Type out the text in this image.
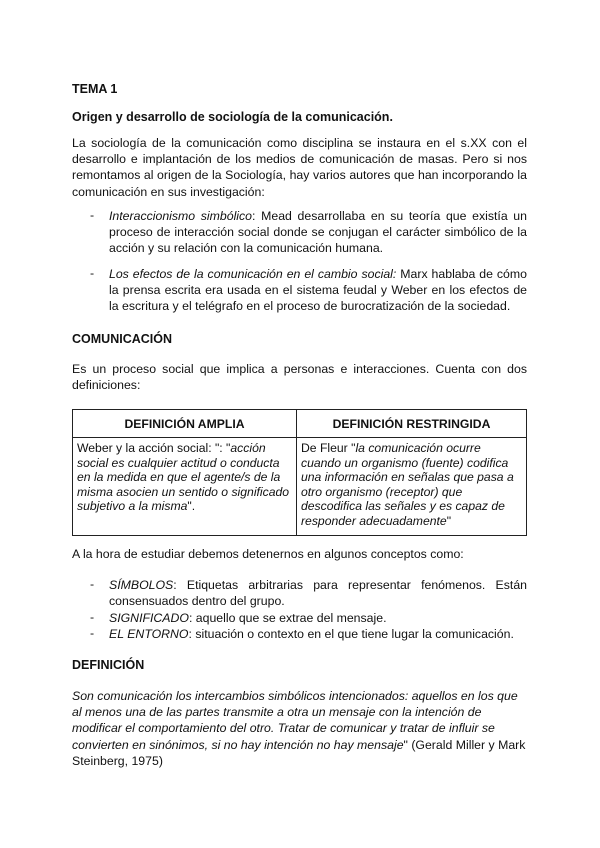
TEMA 1
Origen y desarrollo de sociología de la comunicación.
La sociología de la comunicación como disciplina se instaura en el s.XX con el desarrollo e implantación de los medios de comunicación de masas. Pero si nos remontamos al origen de la Sociología, hay varios autores que han incorporando la comunicación en sus investigación:
- Interaccionismo simbólico: Mead desarrollaba en su teoría que existía un proceso de interacción social donde se conjugan el carácter simbólico de la acción y su relación con la comunicación humana.
- Los efectos de la comunicación en el cambio social: Marx hablaba de cómo la prensa escrita era usada en el sistema feudal y Weber en los efectos de la escritura y el telégrafo en el proceso de burocratización de la sociedad.
COMUNICACIÓN
Es un proceso social que implica a personas e interacciones. Cuenta con dos definiciones:
DEFINICIÓN AMPLIA	DEFINICIÓN RESTRINGIDA
Weber y la acción social: ": "acción social es cualquier actitud o conducta en la medida en que el agente/s de la misma asocien un sentido o significado subjetivo a la misma".	De Fleur "la comunicación ocurre cuando un organismo (fuente) codifica una información en señalas que pasa a otro organismo (receptor) que descodifica las señales y es capaz de responder adecuadamente"
A la hora de estudiar debemos detenernos en algunos conceptos como:
- SÍMBOLOS: Etiquetas arbitrarias para representar fenómenos. Están consensuados dentro del grupo.
- SIGNIFICADO: aquello que se extrae del mensaje.
- EL ENTORNO: situación o contexto en el que tiene lugar la comunicación.
DEFINICIÓN
Son comunicación los intercambios simbólicos intencionados: aquellos en los que al menos una de las partes transmite a otra un mensaje con la intención de modificar el comportamiento del otro. Tratar de comunicar y tratar de influir se convierten en sinónimos, si no hay intención no hay mensaje" (Gerald Miller y Mark Steinberg, 1975)
